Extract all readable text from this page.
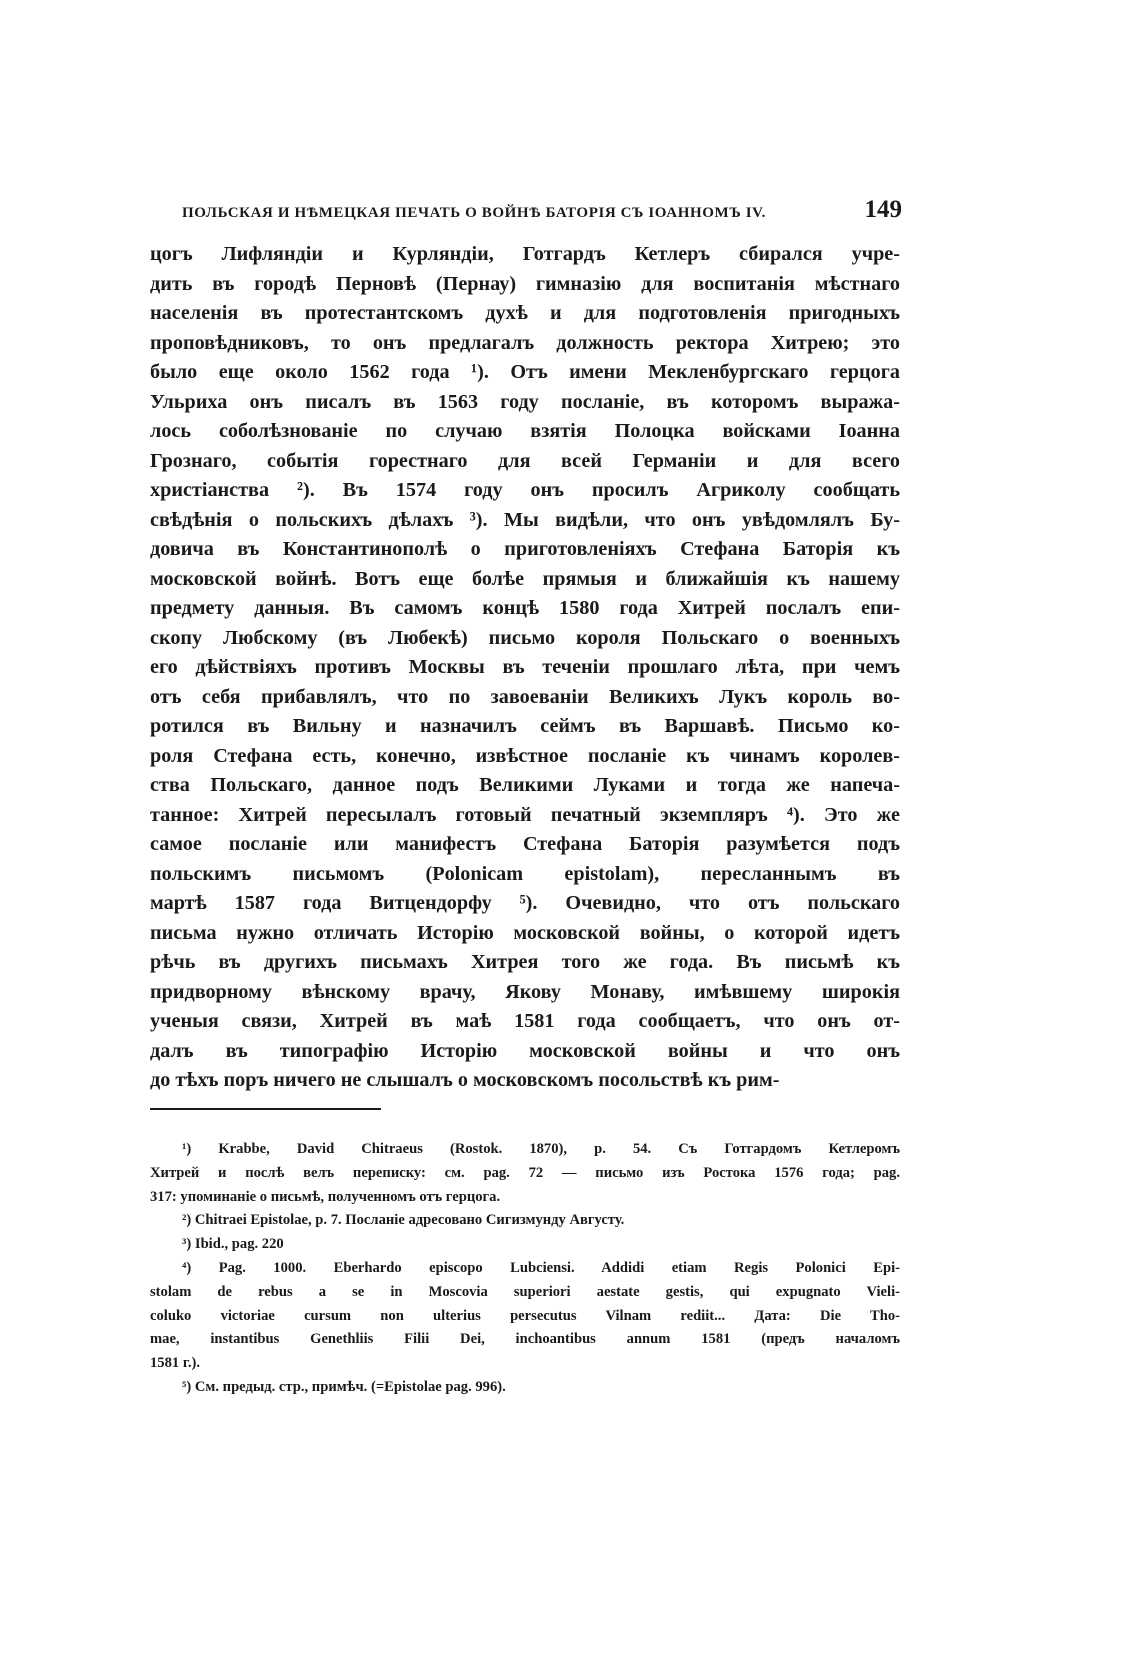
ПОЛЬСКАЯ И НѢМЕЦКАЯ ПЕЧАТЬ О ВОЙНѢ БАТОРІЯ СЪ ІОАННОМЪ IV.	149
цогъ Лифляндіи и Курляндіи, Готгардъ Кетлеръ сбирался учре-
дить въ городѣ Перновѣ (Пернау) гимназію для воспитанія мѣстнаго
населенія въ протестантскомъ духѣ и для подготовленія пригодныхъ
проповѣдниковъ, то онъ предлагалъ должность ректора Хитрею; это
было еще около 1562 года ¹). Отъ имени Мекленбургскаго герцога
Ульриха онъ писалъ въ 1563 году посланіе, въ которомъ выража-
лось соболѣзнованіе по случаю взятія Полоцка войсками Іоанна
Грознаго, событія горестнаго для всей Германіи и для всего
христіанства ²). Въ 1574 году онъ просилъ Агриколу сообщать
свѣдѣнія о польскихъ дѣлахъ ³). Мы видѣли, что онъ увѣдомлялъ Бу-
довича въ Константинополѣ о приготовленіяхъ Стефана Баторія къ
московской войнѣ. Вотъ еще болѣе прямыя и ближайшія къ нашему
предмету данныя. Въ самомъ концѣ 1580 года Хитрей послалъ епи-
скопу Любскому (въ Любекѣ) письмо короля Польскаго о военныхъ
его дѣйствіяхъ противъ Москвы въ теченіи прошлаго лѣта, при чемъ
отъ себя прибавлялъ, что по завоеваніи Великихъ Лукъ король во-
ротился въ Вильну и назначилъ сеймъ въ Варшавѣ. Письмо ко-
роля Стефана есть, конечно, извѣстное посланіе къ чинамъ королев-
ства Польскаго, данное подъ Великими Луками и тогда же напеча-
танное: Хитрей пересылалъ готовый печатный экземпляръ ⁴). Это же
самое посланіе или манифестъ Стефана Баторія разумѣется подъ
польскимъ письмомъ (Polonicam epistolam), пересланнымъ въ
мартѣ 1587 года Витцендорфу ⁵). Очевидно, что отъ польскаго
письма нужно отличать Исторію московской войны, о которой идетъ
рѣчь въ другихъ письмахъ Хитрея того же года. Въ письмѣ къ
придворному вѣнскому врачу, Якову Монаву, имѣвшему широкія
ученыя связи, Хитрей въ маѣ 1581 года сообщаетъ, что онъ от-
далъ въ типографію Исторію московской войны и что онъ
до тѣхъ поръ ничего не слышалъ о московскомъ посольствѣ къ рим-
¹) Krabbe, David Chitraeus (Rostok. 1870), p. 54. Съ Готгардомъ Кетлеромъ
Хитрей и послѣ велъ переписку: см. pag. 72 — письмо изъ Ростока 1576 года; pag.
317: упоминаніе о письмѣ, полученномъ отъ герцога.
²) Chitraei Epistolae, p. 7. Посланіе адресовано Сигизмунду Августу.
³) Ibid., pag. 220
⁴) Pag. 1000. Eberhardo episcopo Lubciensi. Addidi etiam Regis Polonici Epi-
stolam de rebus a se in Moscovia superiori aestate gestis, qui expugnato Vieli-
coluko victoriae cursum non ulterius persecutus Vilnam rediit... Дата: Die Tho-
mae, instantibus Genethliis Filii Dei, inchoantibus annum 1581 (предъ началомъ
1581 г.).
⁵) См. предыд. стр., примѣч. (=Epistolae pag. 996).
